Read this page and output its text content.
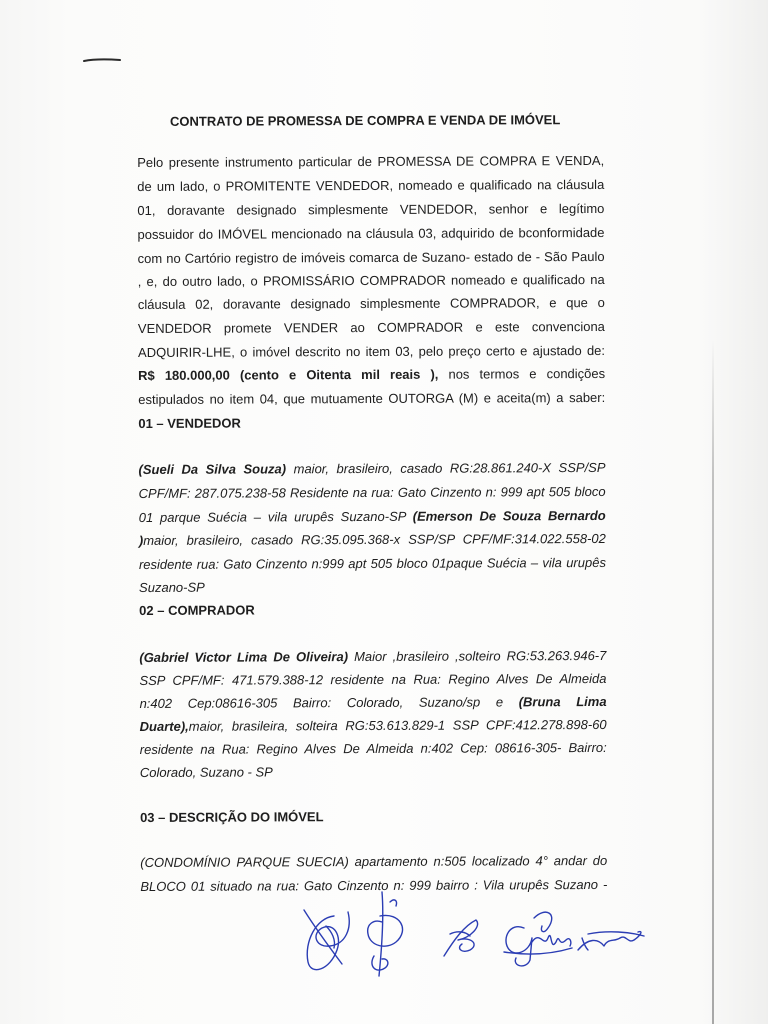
CONTRATO DE PROMESSA DE COMPRA E VENDA DE IMÓVEL
Pelo presente instrumento particular de PROMESSA DE COMPRA E VENDA,
de um lado, o PROMITENTE VENDEDOR, nomeado e qualificado na cláusula
01, doravante designado simplesmente VENDEDOR, senhor e legítimo
possuidor do IMÓVEL mencionado na cláusula 03, adquirido de bconformidade
com no Cartório registro de imóveis comarca de Suzano- estado de - São Paulo
, e, do outro lado, o PROMISSÁRIO COMPRADOR nomeado e qualificado na
cláusula 02, doravante designado simplesmente COMPRADOR, e que o
VENDEDOR promete VENDER ao COMPRADOR e este convenciona
ADQUIRIR-LHE, o imóvel descrito no item 03, pelo preço certo e ajustado de:
R$ 180.000,00 (cento e Oitenta mil reais ), nos termos e condições
estipulados no item 04, que mutuamente OUTORGA (M) e aceita(m) a saber:
01 – VENDEDOR
(Sueli Da Silva Souza) maior, brasileiro, casado RG:28.861.240-X SSP/SP
CPF/MF: 287.075.238-58 Residente na rua: Gato Cinzento n: 999 apt 505 bloco
01 parque Suécia – vila urupês Suzano-SP (Emerson De Souza Bernardo
)maior, brasileiro, casado RG:35.095.368-x SSP/SP CPF/MF:314.022.558-02
residente rua: Gato Cinzento n:999 apt 505 bloco 01paque Suécia – vila urupês
Suzano-SP
02 – COMPRADOR
(Gabriel Victor Lima De Oliveira) Maior ,brasileiro ,solteiro RG:53.263.946-7
SSP CPF/MF: 471.579.388-12 residente na Rua: Regino Alves De Almeida
n:402 Cep:08616-305 Bairro: Colorado, Suzano/sp e (Bruna Lima
Duarte),maior, brasileira, solteira RG:53.613.829-1 SSP CPF:412.278.898-60
residente na Rua: Regino Alves De Almeida n:402 Cep: 08616-305- Bairro:
Colorado, Suzano - SP
03 – DESCRIÇÃO DO IMÓVEL
(CONDOMÍNIO PARQUE SUECIA) apartamento n:505 localizado 4° andar do
BLOCO 01 situado na rua: Gato Cinzento n: 999 bairro : Vila urupês Suzano -
